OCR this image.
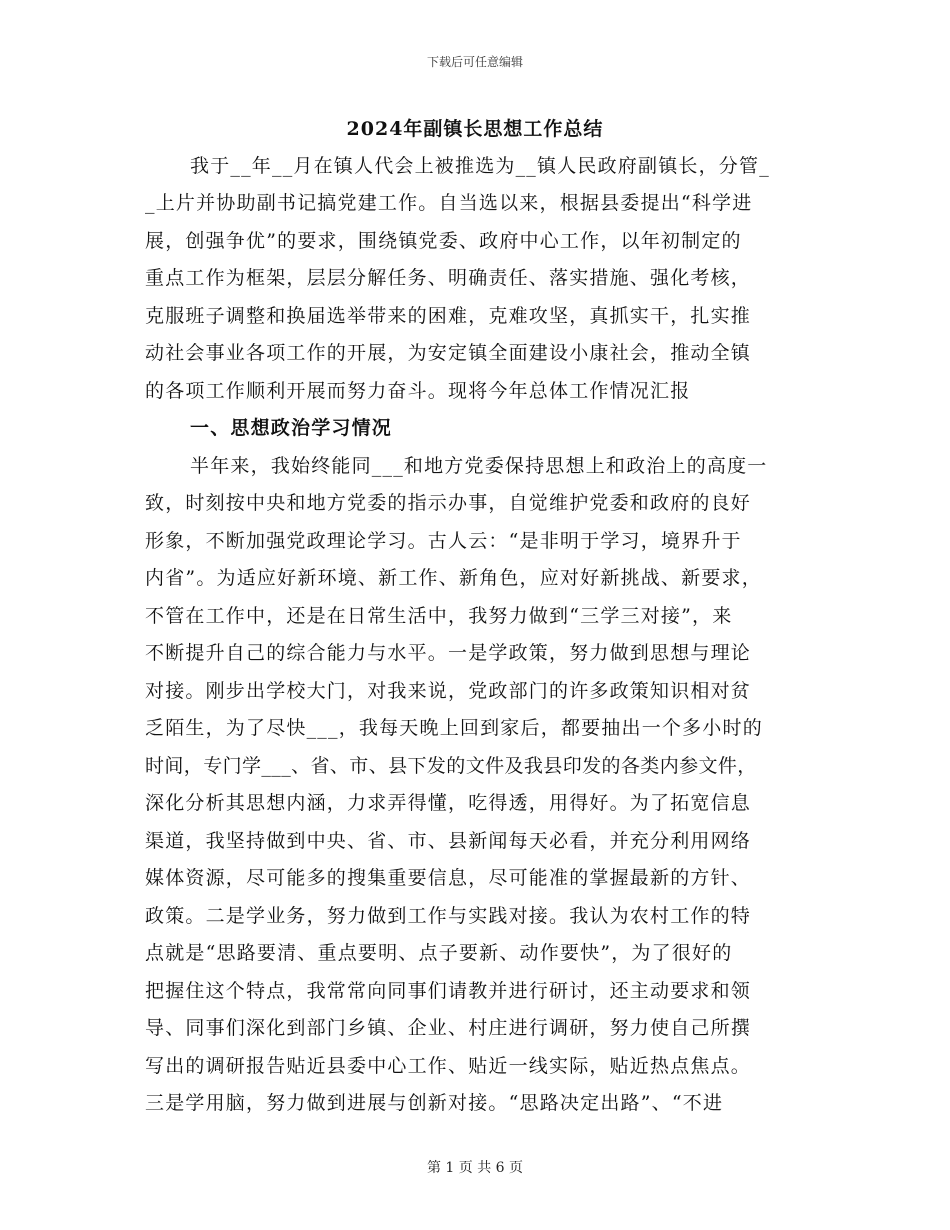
下载后可任意编辑
2024年副镇长思想工作总结
我于__年__月在镇人代会上被推选为__镇人民政府副镇长，分管_
_上片并协助副书记搞党建工作。自当选以来，根据县委提出“科学进
展，创强争优”的要求，围绕镇党委、政府中心工作，以年初制定的
重点工作为框架，层层分解任务、明确责任、落实措施、强化考核，
克服班子调整和换届选举带来的困难，克难攻坚，真抓实干，扎实推
动社会事业各项工作的开展，为安定镇全面建设小康社会，推动全镇
的各项工作顺利开展而努力奋斗。现将今年总体工作情况汇报
一、思想政治学习情况
半年来，我始终能同___和地方党委保持思想上和政治上的高度一
致，时刻按中央和地方党委的指示办事，自觉维护党委和政府的良好
形象，不断加强党政理论学习。古人云：“是非明于学习，境界升于
内省”。为适应好新环境、新工作、新角色，应对好新挑战、新要求，
不管在工作中，还是在日常生活中，我努力做到“三学三对接”，来
不断提升自己的综合能力与水平。一是学政策，努力做到思想与理论
对接。刚步出学校大门，对我来说，党政部门的许多政策知识相对贫
乏陌生，为了尽快___，我每天晚上回到家后，都要抽出一个多小时的
时间，专门学___、省、市、县下发的文件及我县印发的各类内参文件，
深化分析其思想内涵，力求弄得懂，吃得透，用得好。为了拓宽信息
渠道，我坚持做到中央、省、市、县新闻每天必看，并充分利用网络
媒体资源，尽可能多的搜集重要信息，尽可能准的掌握最新的方针、
政策。二是学业务，努力做到工作与实践对接。我认为农村工作的特
点就是“思路要清、重点要明、点子要新、动作要快”，为了很好的
把握住这个特点，我常常向同事们请教并进行研讨，还主动要求和领
导、同事们深化到部门乡镇、企业、村庄进行调研，努力使自己所撰
写出的调研报告贴近县委中心工作、贴近一线实际，贴近热点焦点。
三是学用脑，努力做到进展与创新对接。“思路决定出路”、“不进
第 1 页 共 6 页
